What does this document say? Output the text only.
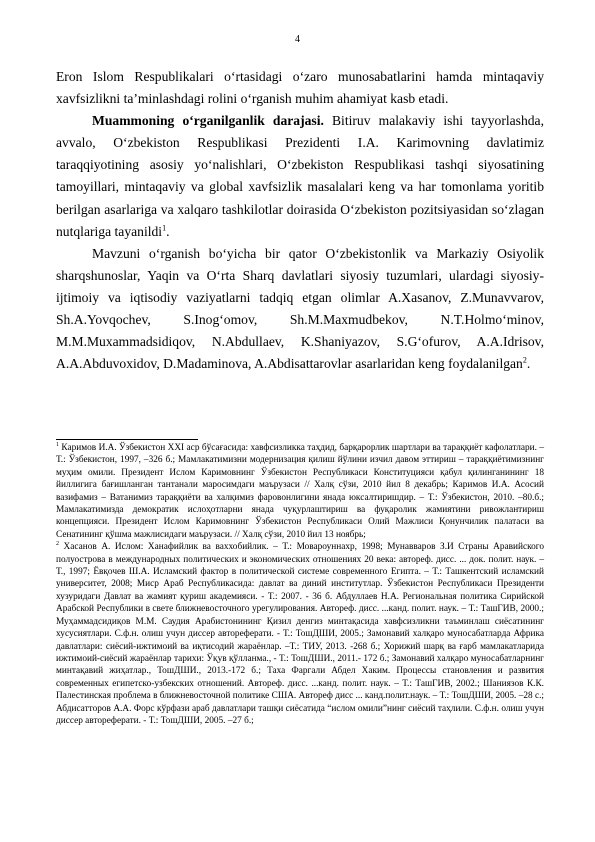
4

Eron Islom Respublikalari o‘rtasidagi o‘zaro munosabatlarini hamda mintaqaviy xavfsizlikni ta’minlashdagi rolini o‘rganish muhim ahamiyat kasb etadi.

Muammoning o‘rganilganlik darajasi. Bitiruv malakaviy ishi tayyorlashda, avvalo, O‘zbekiston Respublikasi Prezidenti I.A. Karimovning davlatimiz taraqqiyotining asosiy yo‘nalishlari, O‘zbekiston Respublikasi tashqi siyosatining tamoyillari, mintaqaviy va global xavfsizlik masalalari keng va har tomonlama yoritib berilgan asarlariga va xalqaro tashkilotlar doirasida O‘zbekiston pozitsiyasidan so‘zlagan nutqlariga tayanildi$^1$.

Mavzuni o‘rganish bo‘yicha bir qator O‘zbekistonlik va Markaziy Osiyolik sharqshunoslar, Yaqin va O‘rta Sharq davlatlari siyosiy tuzumlari, ulardagi siyosiy-ijtimoiy va iqtisodiy vaziyatlarni tadqiq etgan olimlar A.Xasanov, Z.Munavvarov, Sh.A.Yovqochev, S.Inog‘omov, Sh.M.Maxmudbekov, N.T.Holmo‘minov, M.M.Muxammadsidiqov, N.Abdullaev, K.Shaniyazov, S.G‘ofurov, A.A.Idrisov, A.A.Abduvoxidov, D.Madaminova, A.Abdisattarovlar asarlaridan keng foydalanilgan$^2$.

$^1$ Каримов И.А. Ўзбекистон XXI аср бўсағасида: хавфсизликка таҳдид, барқарорлик шартлари ва тараққиёт кафолатлари. –Т.: Ўзбекистон, 1997, –326 б.; Мамлакатимизни модернизация қилиш йўлини изчил давом эттириш – тараққиётимизнинг муҳим омили. Президент Ислом Каримовнинг Ўзбекистон Республикаси Конституцияси қабул қилинганининг 18 йиллигига бағишланган тантанали маросимдаги маърузаси // Халқ сўзи, 2010 йил 8 декабрь; Каримов И.А. Асосий вазифамиз – Ватанимиз тараққиёти ва халқимиз фаровонлигини янада юксалтиришдир. – Т.: Ўзбекистон, 2010. –80.б.; Мамлакатимизда демократик ислоҳотларни янада чуқурлаштириш ва фуқаролик жамиятини ривожлантириш концепцияси. Президент Ислом Каримовнинг Ўзбекистон Республикаси Олий Мажлиси Қонунчилик палатаси ва Сенатининг қўшма мажлисидаги маърузаси. // Халқ сўзи, 2010 йил 13 ноябрь;

$^2$ Хасанов А. Ислом: Ханафийлик ва ваххобийлик. – Т.: Мовароуннахр, 1998; Мунавваров З.И Страны Аравийского полуострова в международных политических и экономических отношениях 20 века: автореф. дисс. ... док. полит. наук. – Т., 1997; Ёвқочев Ш.А. Исламский фактор в политической системе современного Египта. – Т.: Ташкентский исламский университет, 2008; Миср Араб Республикасида: давлат ва диний институтлар. Ўзбекистон Республикаси Президенти хузуридаги Давлат ва жамият қуриш академияси. - Т.: 2007. - 36 б. Абдуллаев Н.А. Региональная политика Сирийской Арабской Республики в свете ближневосточного урегулирования. Автореф. дисс. ...канд. полит. наук. – Т.: ТашГИВ, 2000.; Муҳаммадсидиқов М.М. Саудия Арабистонининг Қизил денгиз минтақасида хавфсизликни таъминлаш сиёсатининг хусусиятлари. С.ф.н. олиш учун диссер автореферати. - Т.: ТошДШИ, 2005.; Замонавий халқаро муносабатларда Африка давлатлари: сиёсий-ижтимоий ва иқтисодий жараёнлар. –Т.: ТИУ, 2013. -268 б.; Хорижий шарқ ва ғарб мамлакатларида ижтимоий-сиёсий жараёнлар тарихи: Ўқув қўлланма., - Т.: ТошДШИ., 2011.- 172 б.; Замонавий халқаро муносабатларнинг минтақавий жиҳатлар., ТошДШИ., 2013.-172 б.; Таха Фаргали Абдел Хаким. Процессы становления и развития современных египетско-узбекских отношений. Автореф. дисс. ...канд. полит. наук. – Т.: ТашГИВ, 2002.; Шаниязов К.К. Палестинская проблема в ближневосточной политике США. Автореф дисс ... канд.полит.наук. – Т.: ТошДШИ, 2005. –28 с.; Абдисаттоpов А.А. Форс кўрфази араб давлатлари ташқи сиёсатида “ислом омили”нинг сиёсий таҳлили. С.ф.н. олиш учун диссер автореферати. - Т.: ТошДШИ, 2005. –27 б.;
